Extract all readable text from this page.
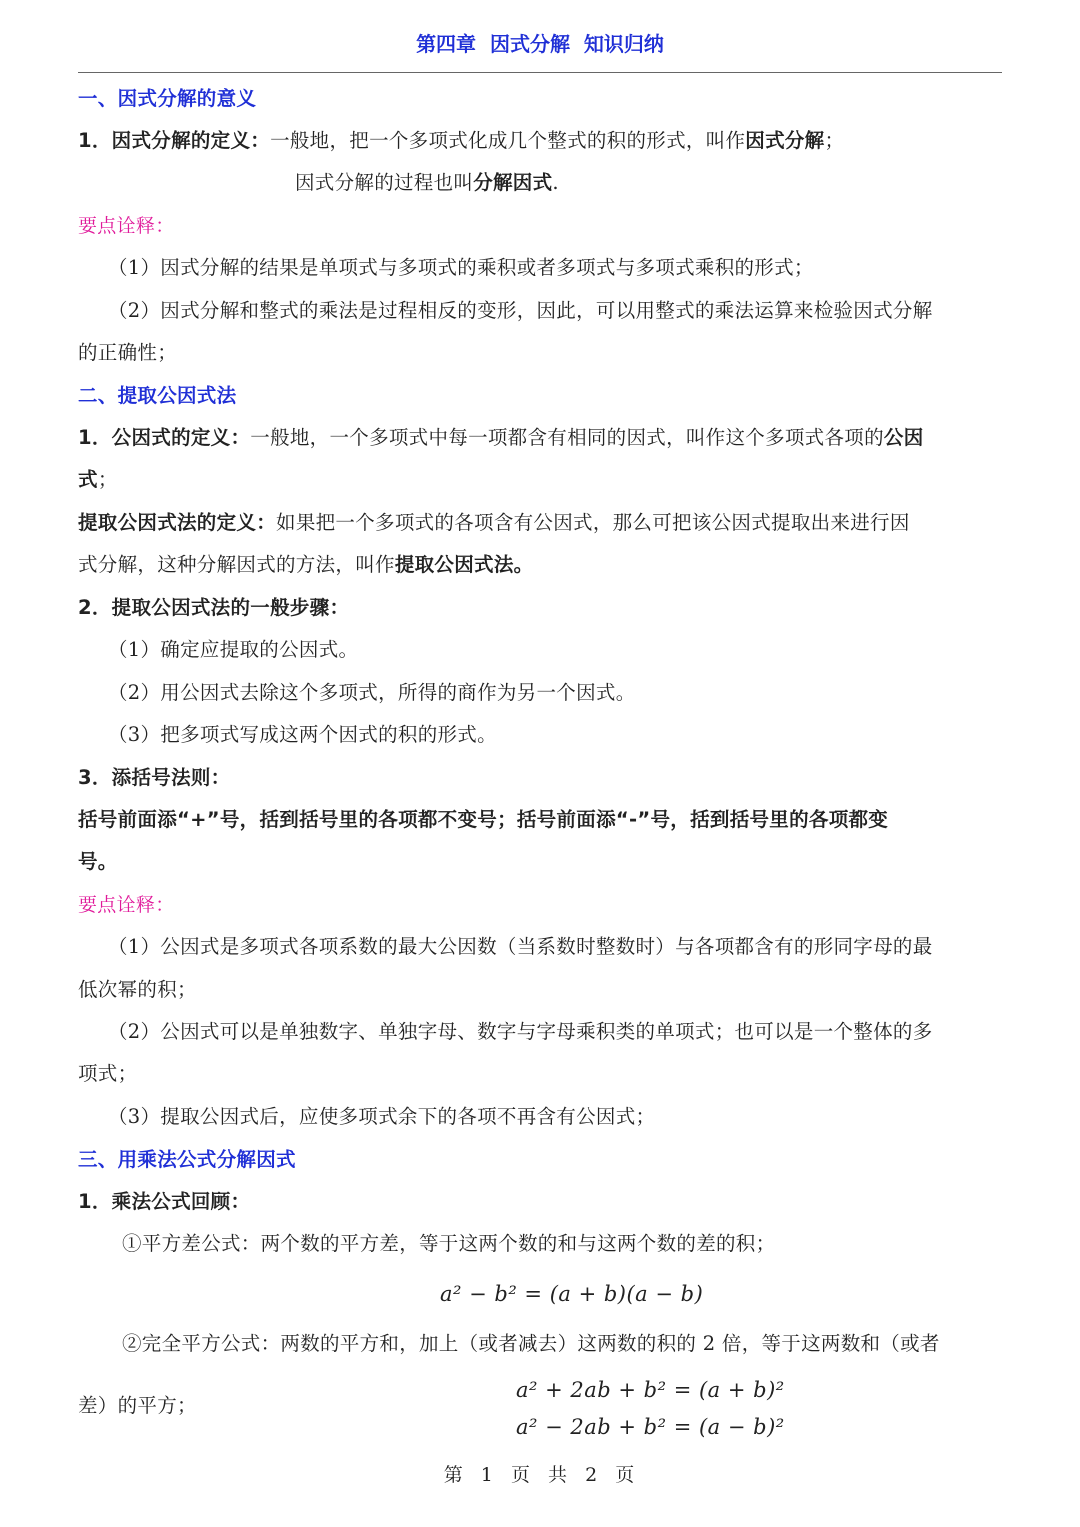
第四章  因式分解  知识归纳
一、因式分解的意义
1．因式分解的定义：一般地，把一个多项式化成几个整式的积的形式，叫作因式分解；
因式分解的过程也叫分解因式.
要点诠释：
（1）因式分解的结果是单项式与多项式的乘积或者多项式与多项式乘积的形式；
（2）因式分解和整式的乘法是过程相反的变形，因此，可以用整式的乘法运算来检验因式分解
的正确性；
二、提取公因式法
1．公因式的定义：一般地，一个多项式中每一项都含有相同的因式，叫作这个多项式各项的公因
式；
提取公因式法的定义：如果把一个多项式的各项含有公因式，那么可把该公因式提取出来进行因
式分解，这种分解因式的方法，叫作提取公因式法。
2．提取公因式法的一般步骤：
（1）确定应提取的公因式。
（2）用公因式去除这个多项式，所得的商作为另一个因式。
（3）把多项式写成这两个因式的积的形式。
3．添括号法则：
括号前面添“+”号，括到括号里的各项都不变号；括号前面添“-”号，括到括号里的各项都变
号。
要点诠释：
（1）公因式是多项式各项系数的最大公因数（当系数时整数时）与各项都含有的形同字母的最
低次幂的积；
（2）公因式可以是单独数字、单独字母、数字与字母乘积类的单项式；也可以是一个整体的多
项式；
（3）提取公因式后，应使多项式余下的各项不再含有公因式；
三、用乘法公式分解因式
1．乘法公式回顾：
①平方差公式：两个数的平方差，等于这两个数的和与这两个数的差的积；
a² − b² = (a + b)(a − b)
②完全平方公式：两数的平方和，加上（或者减去）这两数的积的 2 倍，等于这两数和（或者
差）的平方；
a² + 2ab + b² = (a + b)²
a² − 2ab + b² = (a − b)²
第  1  页  共  2  页
